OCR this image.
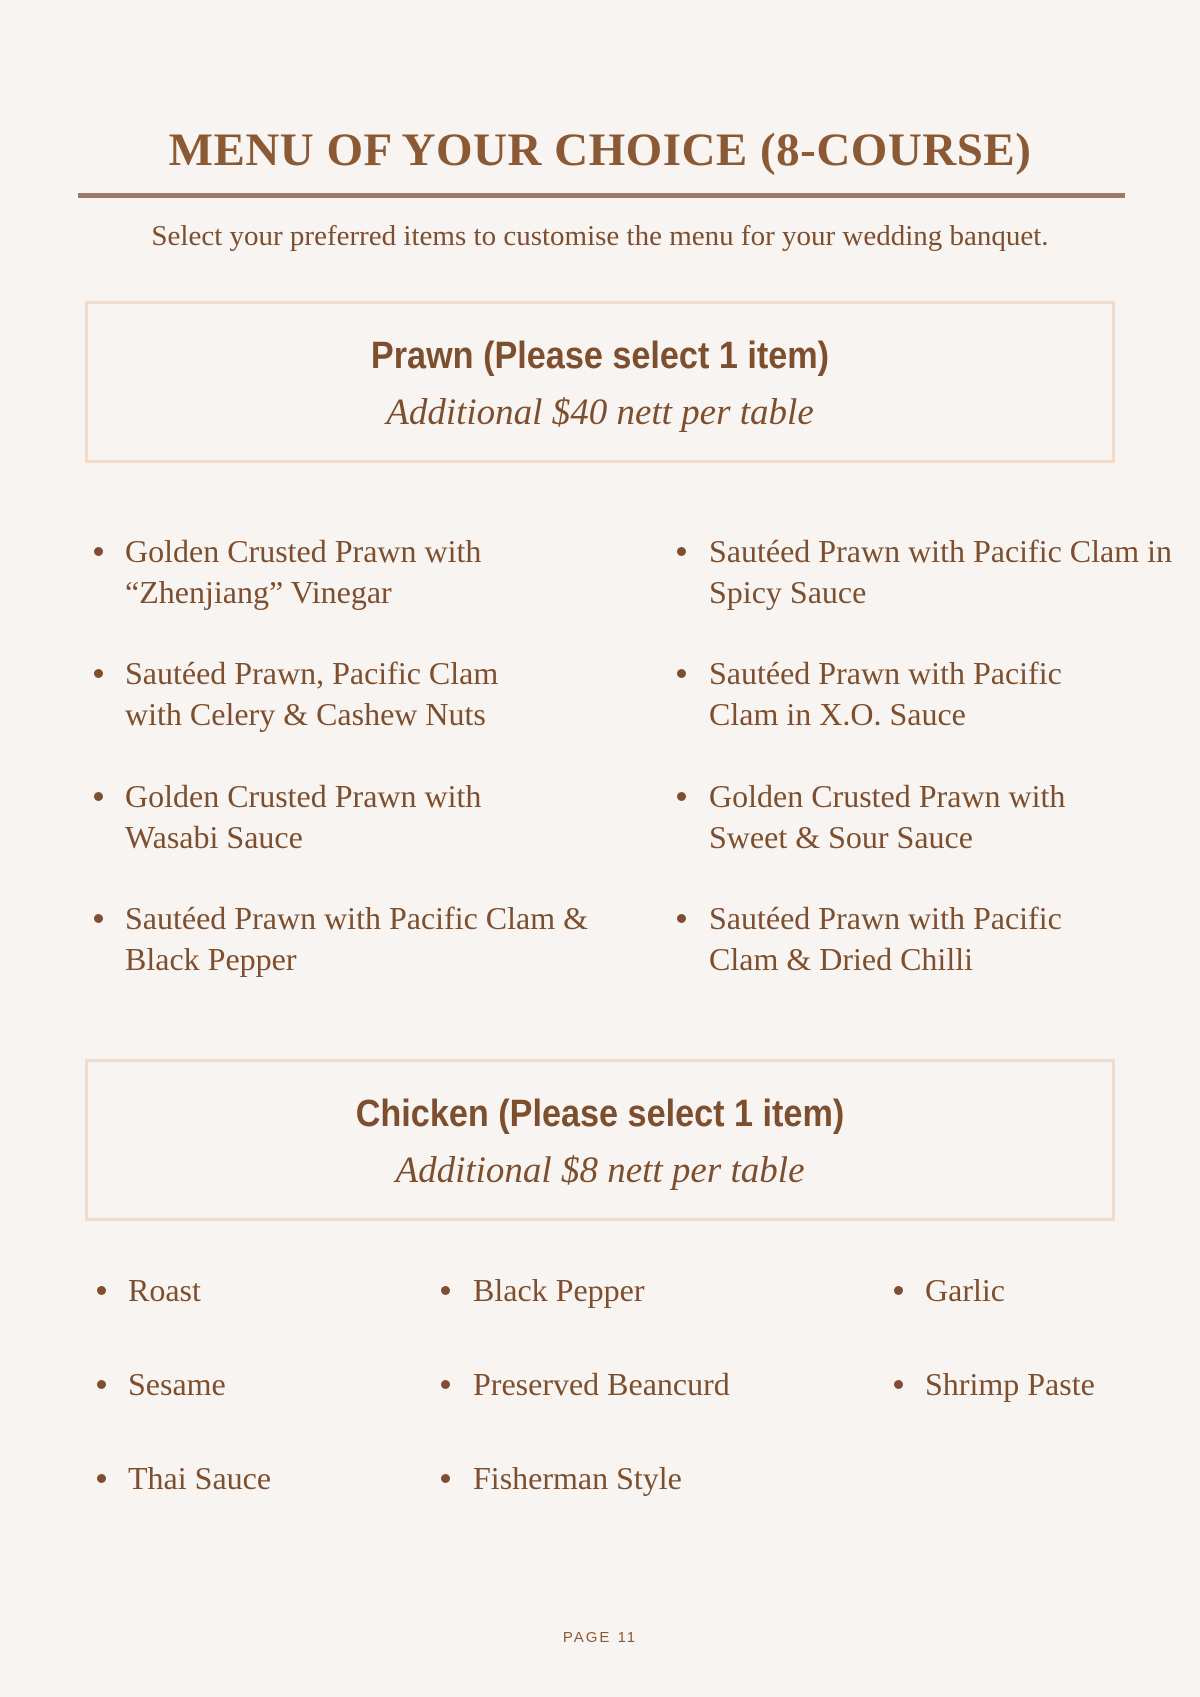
MENU OF YOUR CHOICE (8-COURSE)

Select your preferred items to customise the menu for your wedding banquet.

Prawn (Please select 1 item)

Additional $40 nett per table

Golden Crusted Prawn with “Zhenjiang” Vinegar
Sautéed Prawn with Pacific Clam in Spicy Sauce
Sautéed Prawn, Pacific Clam with Celery & Cashew Nuts
Sautéed Prawn with Pacific Clam in X.O. Sauce
Golden Crusted Prawn with Wasabi Sauce
Golden Crusted Prawn with Sweet & Sour Sauce
Sautéed Prawn with Pacific Clam & Black Pepper
Sautéed Prawn with Pacific Clam & Dried Chilli

Chicken (Please select 1 item)

Additional $8 nett per table

Roast	Black Pepper	Garlic
Sesame	Preserved Beancurd	Shrimp Paste
Thai Sauce	Fisherman Style

PAGE 11
